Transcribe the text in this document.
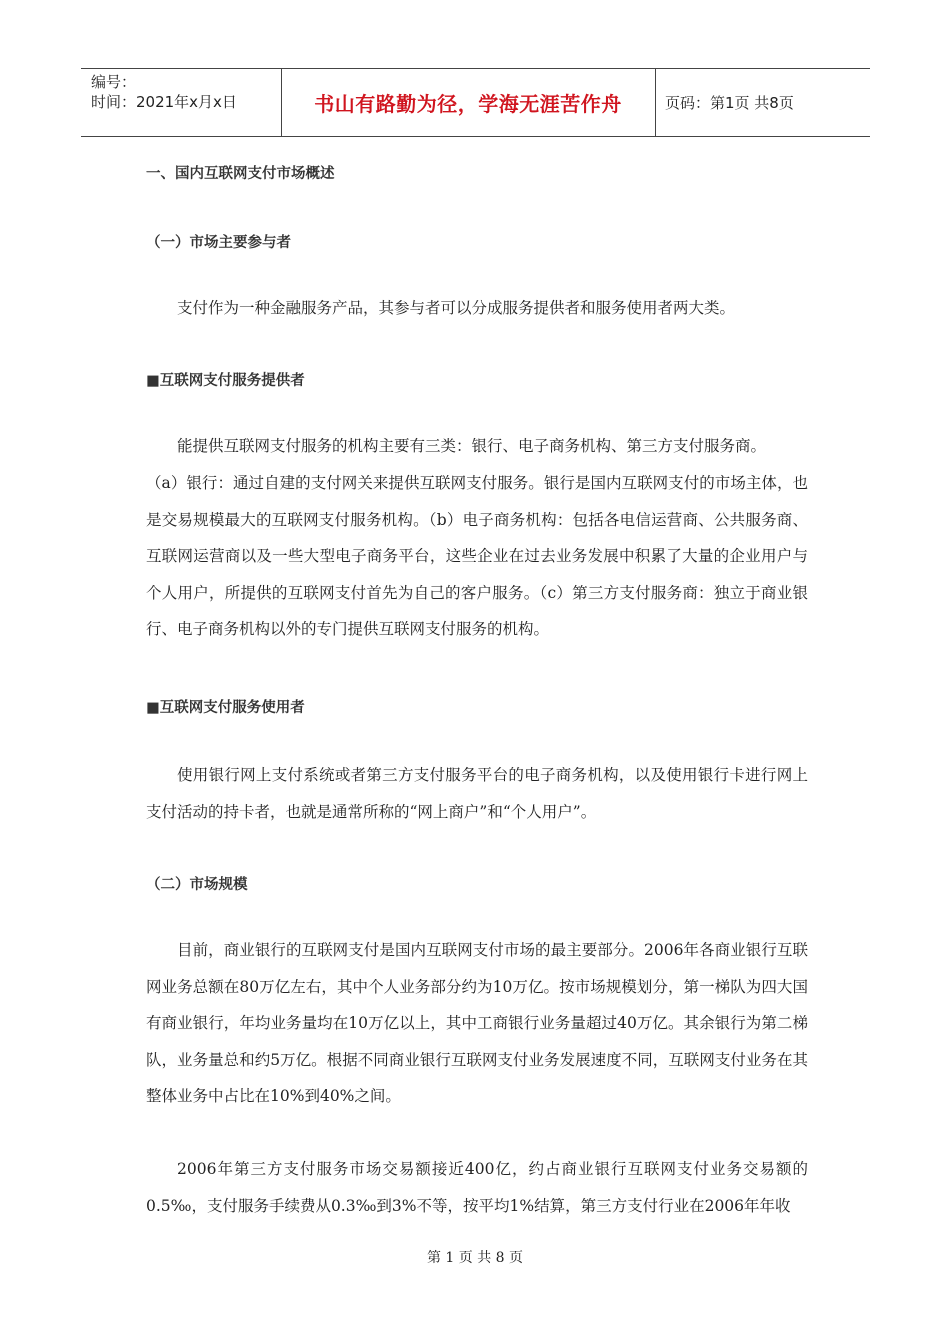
编号：
时间：2021年x月x日	书山有路勤为径，学海无涯苦作舟	页码：第1页 共8页
一、国内互联网支付市场概述
（一）市场主要参与者

支付作为一种金融服务产品，其参与者可以分成服务提供者和服务使用者两大类。

■互联网支付服务提供者

能提供互联网支付服务的机构主要有三类：银行、电子商务机构、第三方支付服务商。

（a）银行：通过自建的支付网关来提供互联网支付服务。银行是国内互联网支付的市场主体，也是交易规模最大的互联网支付服务机构。（b）电子商务机构：包括各电信运营商、公共服务商、互联网运营商以及一些大型电子商务平台，这些企业在过去业务发展中积累了大量的企业用户与个人用户，所提供的互联网支付首先为自己的客户服务。（c）第三方支付服务商：独立于商业银行、电子商务机构以外的专门提供互联网支付服务的机构。

■互联网支付服务使用者

使用银行网上支付系统或者第三方支付服务平台的电子商务机构，以及使用银行卡进行网上支付活动的持卡者，也就是通常所称的“网上商户”和“个人用户”。

（二）市场规模

目前，商业银行的互联网支付是国内互联网支付市场的最主要部分。2006年各商业银行互联网业务总额在80万亿左右，其中个人业务部分约为10万亿。按市场规模划分，第一梯队为四大国有商业银行，年均业务量均在10万亿以上，其中工商银行业务量超过40万亿。其余银行为第二梯队，业务量总和约5万亿。根据不同商业银行互联网支付业务发展速度不同，互联网支付业务在其整体业务中占比在10%到40%之间。

2006年第三方支付服务市场交易额接近400亿，约占商业银行互联网支付业务交易额的0.5‰，支付服务手续费从0.3‰到3%不等，按平均1%结算，第三方支付行业在2006年年收

第 1 页 共 8 页
